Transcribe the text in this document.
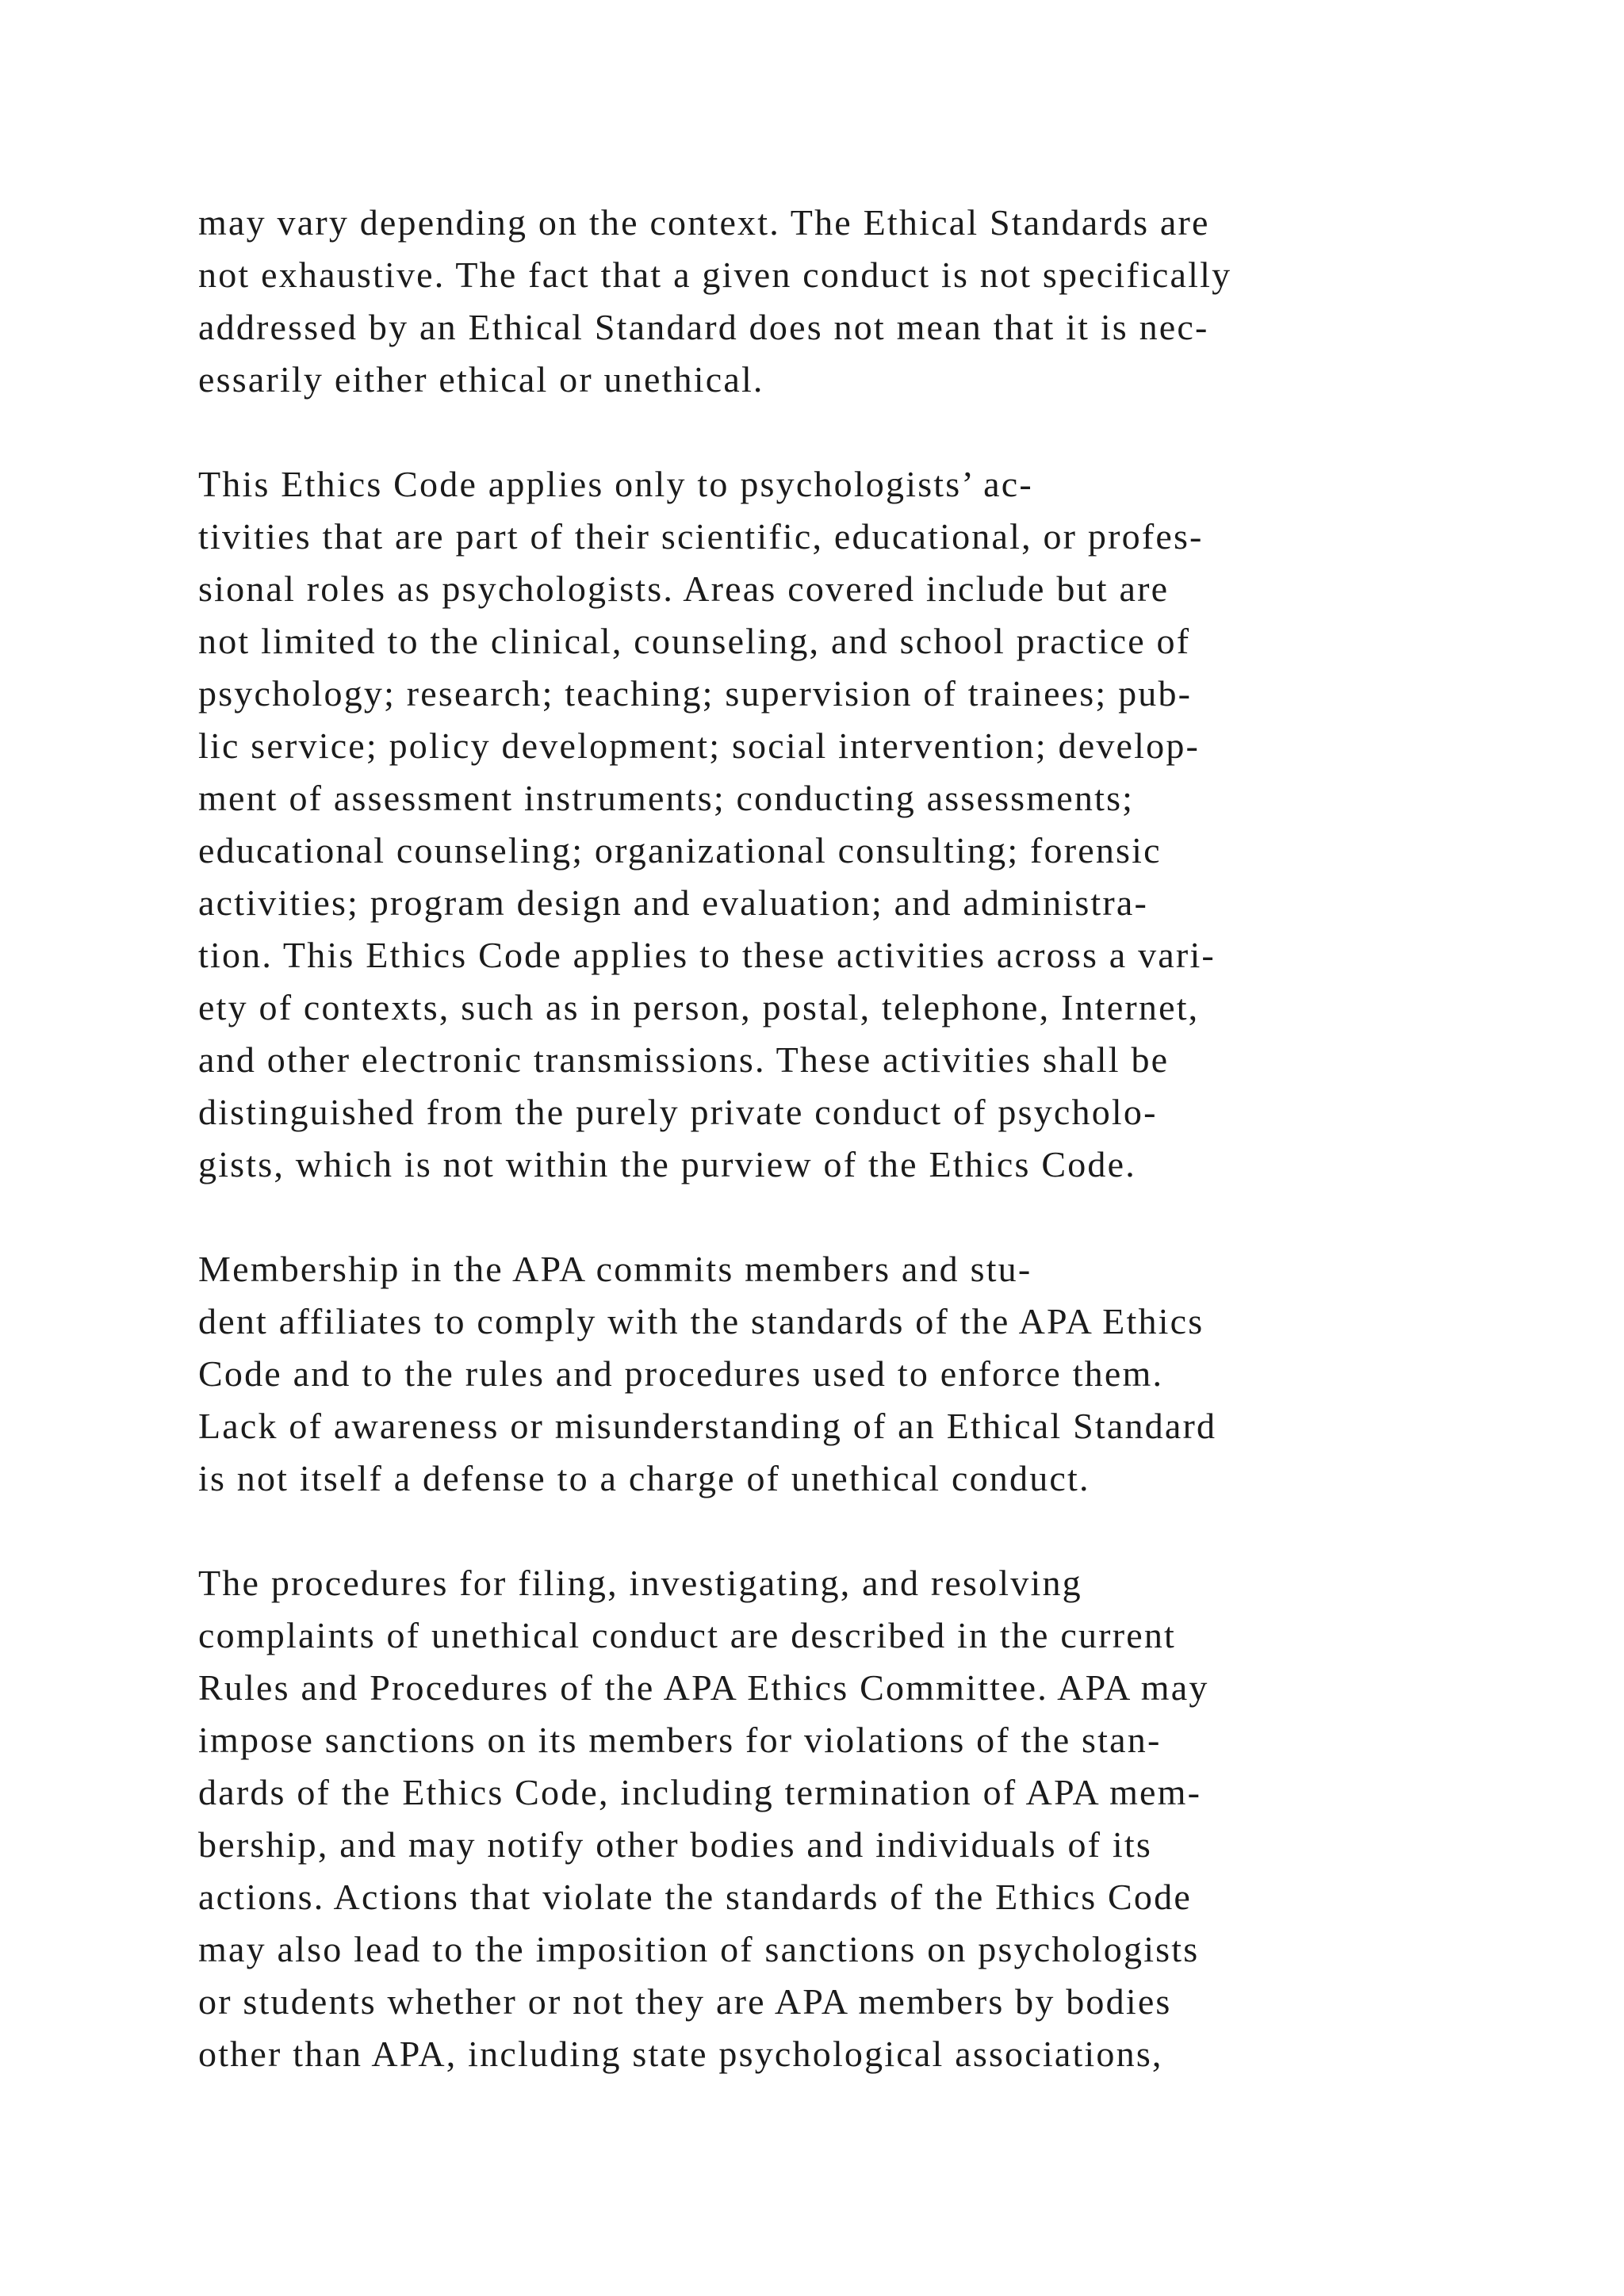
may vary depending on the context. The Ethical Standards are
not exhaustive. The fact that a given conduct is not specifically
addressed by an Ethical Standard does not mean that it is nec-
essarily either ethical or unethical.

This Ethics Code applies only to psychologists’ ac-
tivities that are part of their scientific, educational, or profes-
sional roles as psychologists. Areas covered include but are
not limited to the clinical, counseling, and school practice of
psychology; research; teaching; supervision of trainees; pub-
lic service; policy development; social intervention; develop-
ment of assessment instruments; conducting assessments;
educational counseling; organizational consulting; forensic
activities; program design and evaluation; and administra-
tion. This Ethics Code applies to these activities across a vari-
ety of contexts, such as in person, postal, telephone, Internet,
and other electronic transmissions. These activities shall be
distinguished from the purely private conduct of psycholo-
gists, which is not within the purview of the Ethics Code.

Membership in the APA commits members and stu-
dent affiliates to comply with the standards of the APA Ethics
Code and to the rules and procedures used to enforce them.
Lack of awareness or misunderstanding of an Ethical Standard
is not itself a defense to a charge of unethical conduct.

The procedures for filing, investigating, and resolving
complaints of unethical conduct are described in the current
Rules and Procedures of the APA Ethics Committee. APA may
impose sanctions on its members for violations of the stan-
dards of the Ethics Code, including termination of APA mem-
bership, and may notify other bodies and individuals of its
actions. Actions that violate the standards of the Ethics Code
may also lead to the imposition of sanctions on psychologists
or students whether or not they are APA members by bodies
other than APA, including state psychological associations,
